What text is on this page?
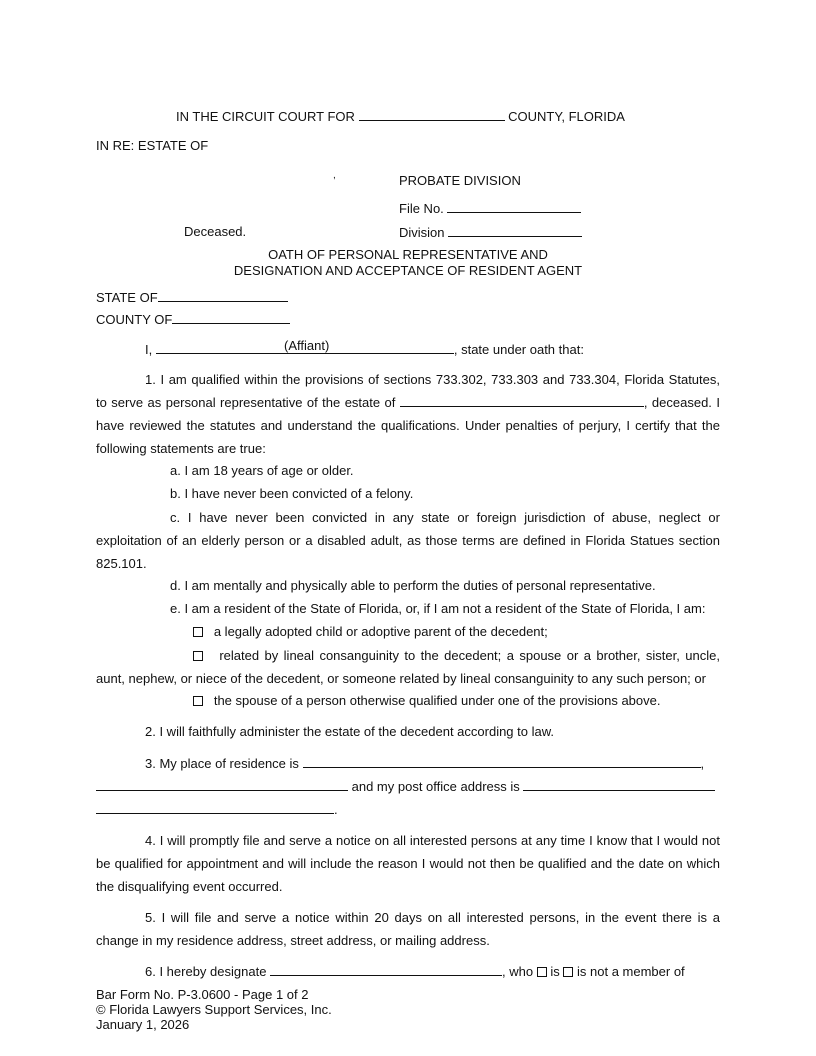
IN THE CIRCUIT COURT FOR	COUNTY, FLORIDA
IN RE: ESTATE OF
,	PROBATE DIVISION
File No.
Deceased.	Division
OATH OF PERSONAL REPRESENTATIVE AND
DESIGNATION AND ACCEPTANCE OF RESIDENT AGENT
STATE OF
COUNTY OF
I,	, state under oath that:
(Affiant)
1. I am qualified within the provisions of sections 733.302, 733.303 and 733.304, Florida Statutes, to serve as personal representative of the estate of	, deceased. I have reviewed the statutes and understand the qualifications. Under penalties of perjury, I certify that the following statements are true:
a. I am 18 years of age or older.
b. I have never been convicted of a felony.
c. I have never been convicted in any state or foreign jurisdiction of abuse, neglect or exploitation of an elderly person or a disabled adult, as those terms are defined in Florida Statues section 825.101.
d. I am mentally and physically able to perform the duties of personal representative.
e. I am a resident of the State of Florida, or, if I am not a resident of the State of Florida, I am:
a legally adopted child or adoptive parent of the decedent;
related by lineal consanguinity to the decedent; a spouse or a brother, sister, uncle, aunt, nephew, or niece of the decedent, or someone related by lineal consanguinity to any such person; or
the spouse of a person otherwise qualified under one of the provisions above.
2. I will faithfully administer the estate of the decedent according to law.
3. My place of residence is	,
and my post office address is
.
4. I will promptly file and serve a notice on all interested persons at any time I know that I would not be qualified for appointment and will include the reason I would not then be qualified and the date on which the disqualifying event occurred.
5. I will file and serve a notice within 20 days on all interested persons, in the event there is a change in my residence address, street address, or mailing address.
6. I hereby designate	, who is is not a member of
Bar Form No. P-3.0600 - Page 1 of 2
© Florida Lawyers Support Services, Inc.
January 1, 2026
